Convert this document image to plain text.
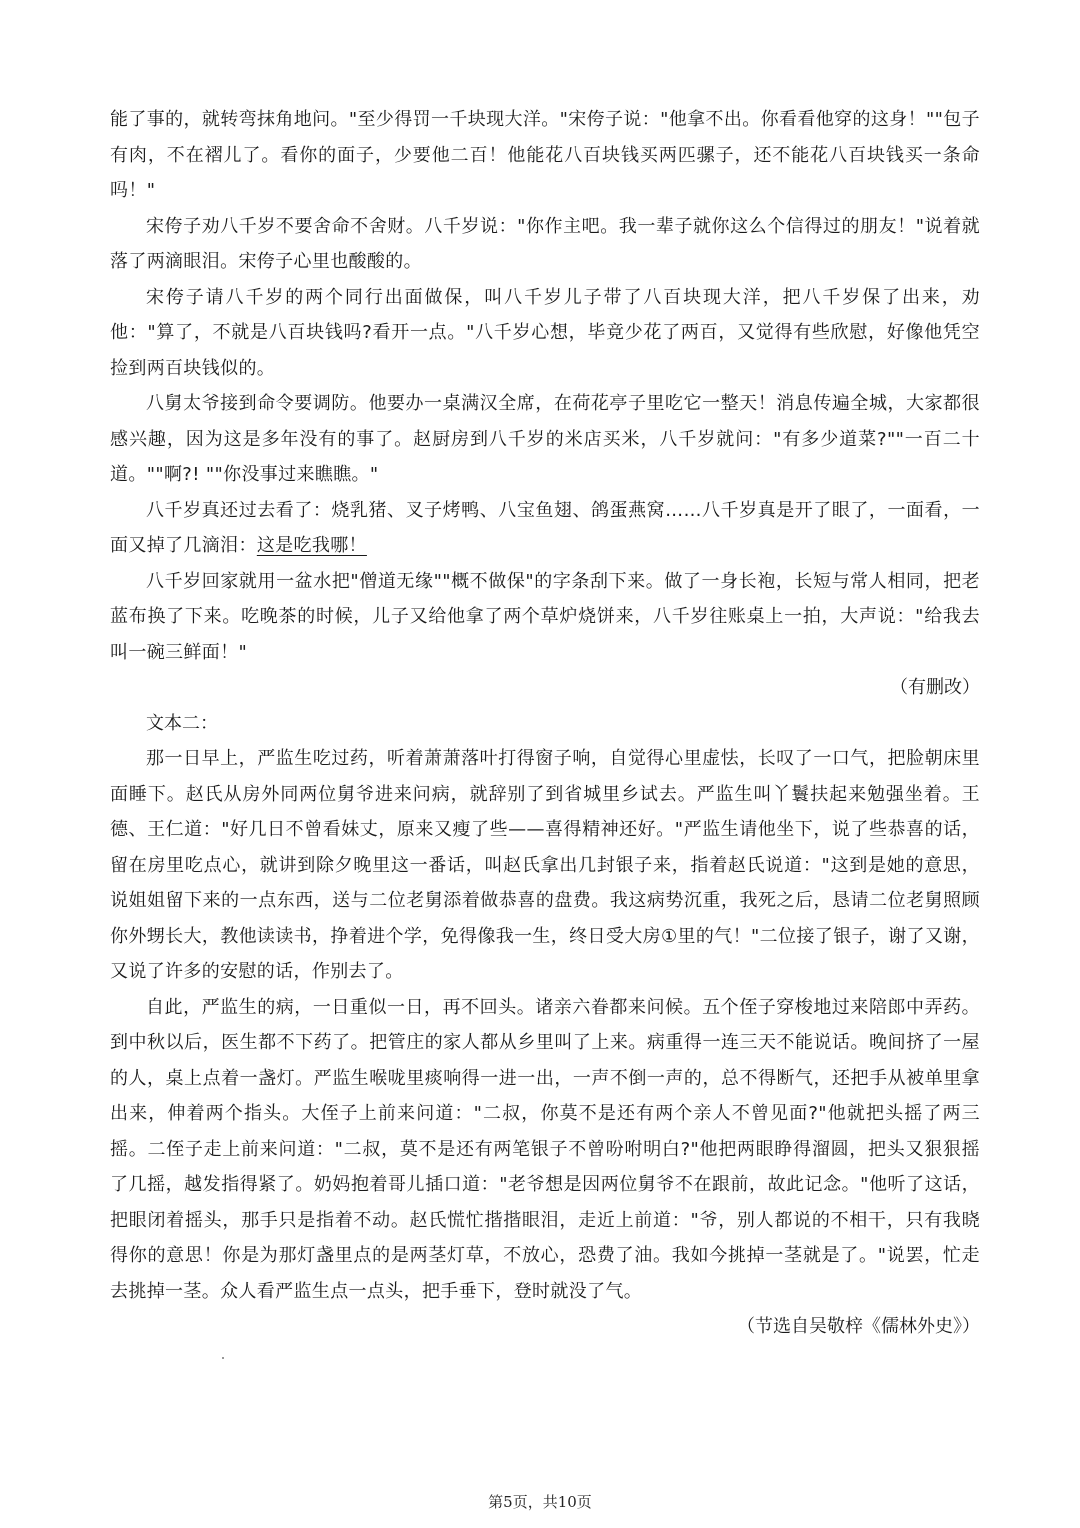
能了事的，就转弯抹角地问。"至少得罚一千块现大洋。"宋侉子说："他拿不出。你看看他穿的这身！""包子有肉，不在褶儿了。看你的面子，少要他二百！他能花八百块钱买两匹骡子，还不能花八百块钱买一条命吗！"

宋侉子劝八千岁不要舍命不舍财。八千岁说："你作主吧。我一辈子就你这么个信得过的朋友！"说着就落了两滴眼泪。宋侉子心里也酸酸的。

宋侉子请八千岁的两个同行出面做保，叫八千岁儿子带了八百块现大洋，把八千岁保了出来，劝他："算了，不就是八百块钱吗?看开一点。"八千岁心想，毕竟少花了两百，又觉得有些欣慰，好像他凭空捡到两百块钱似的。

八舅太爷接到命令要调防。他要办一桌满汉全席，在荷花亭子里吃它一整天！消息传遍全城，大家都很感兴趣，因为这是多年没有的事了。赵厨房到八千岁的米店买米，八千岁就问："有多少道菜?""一百二十道。""啊?! ""你没事过来瞧瞧。"

八千岁真还过去看了：烧乳猪、叉子烤鸭、八宝鱼翅、鸽蛋燕窝……八千岁真是开了眼了，一面看，一面又掉了几滴泪：这是吃我哪！

八千岁回家就用一盆水把"僧道无缘""概不做保"的字条刮下来。做了一身长袍，长短与常人相同，把老蓝布换了下来。吃晚茶的时候，儿子又给他拿了两个草炉烧饼来，八千岁往账桌上一拍，大声说："给我去叫一碗三鲜面！"

（有删改）

文本二：

那一日早上，严监生吃过药，听着萧萧落叶打得窗子响，自觉得心里虚怯，长叹了一口气，把脸朝床里面睡下。赵氏从房外同两位舅爷进来问病，就辞别了到省城里乡试去。严监生叫丫鬟扶起来勉强坐着。王德、王仁道："好几日不曾看妹丈，原来又瘦了些——喜得精神还好。"严监生请他坐下，说了些恭喜的话，留在房里吃点心，就讲到除夕晚里这一番话，叫赵氏拿出几封银子来，指着赵氏说道："这到是她的意思，说姐姐留下来的一点东西，送与二位老舅添着做恭喜的盘费。我这病势沉重，我死之后，恳请二位老舅照顾你外甥长大，教他读读书，挣着进个学，免得像我一生，终日受大房①里的气！"二位接了银子，谢了又谢，又说了许多的安慰的话，作别去了。

自此，严监生的病，一日重似一日，再不回头。诸亲六眷都来问候。五个侄子穿梭地过来陪郎中弄药。到中秋以后，医生都不下药了。把管庄的家人都从乡里叫了上来。病重得一连三天不能说话。晚间挤了一屋的人，桌上点着一盏灯。严监生喉咙里痰响得一进一出，一声不倒一声的，总不得断气，还把手从被单里拿出来，伸着两个指头。大侄子上前来问道："二叔，你莫不是还有两个亲人不曾见面?"他就把头摇了两三摇。二侄子走上前来问道："二叔，莫不是还有两笔银子不曾吩咐明白?"他把两眼睁得溜圆，把头又狠狠摇了几摇，越发指得紧了。奶妈抱着哥儿插口道："老爷想是因两位舅爷不在跟前，故此记念。"他听了这话，把眼闭着摇头，那手只是指着不动。赵氏慌忙揩揩眼泪，走近上前道："爷，别人都说的不相干，只有我晓得你的意思！你是为那灯盏里点的是两茎灯草，不放心，恐费了油。我如今挑掉一茎就是了。"说罢，忙走去挑掉一茎。众人看严监生点一点头，把手垂下，登时就没了气。

（节选自吴敬梓《儒林外史》）

第5页，共10页
